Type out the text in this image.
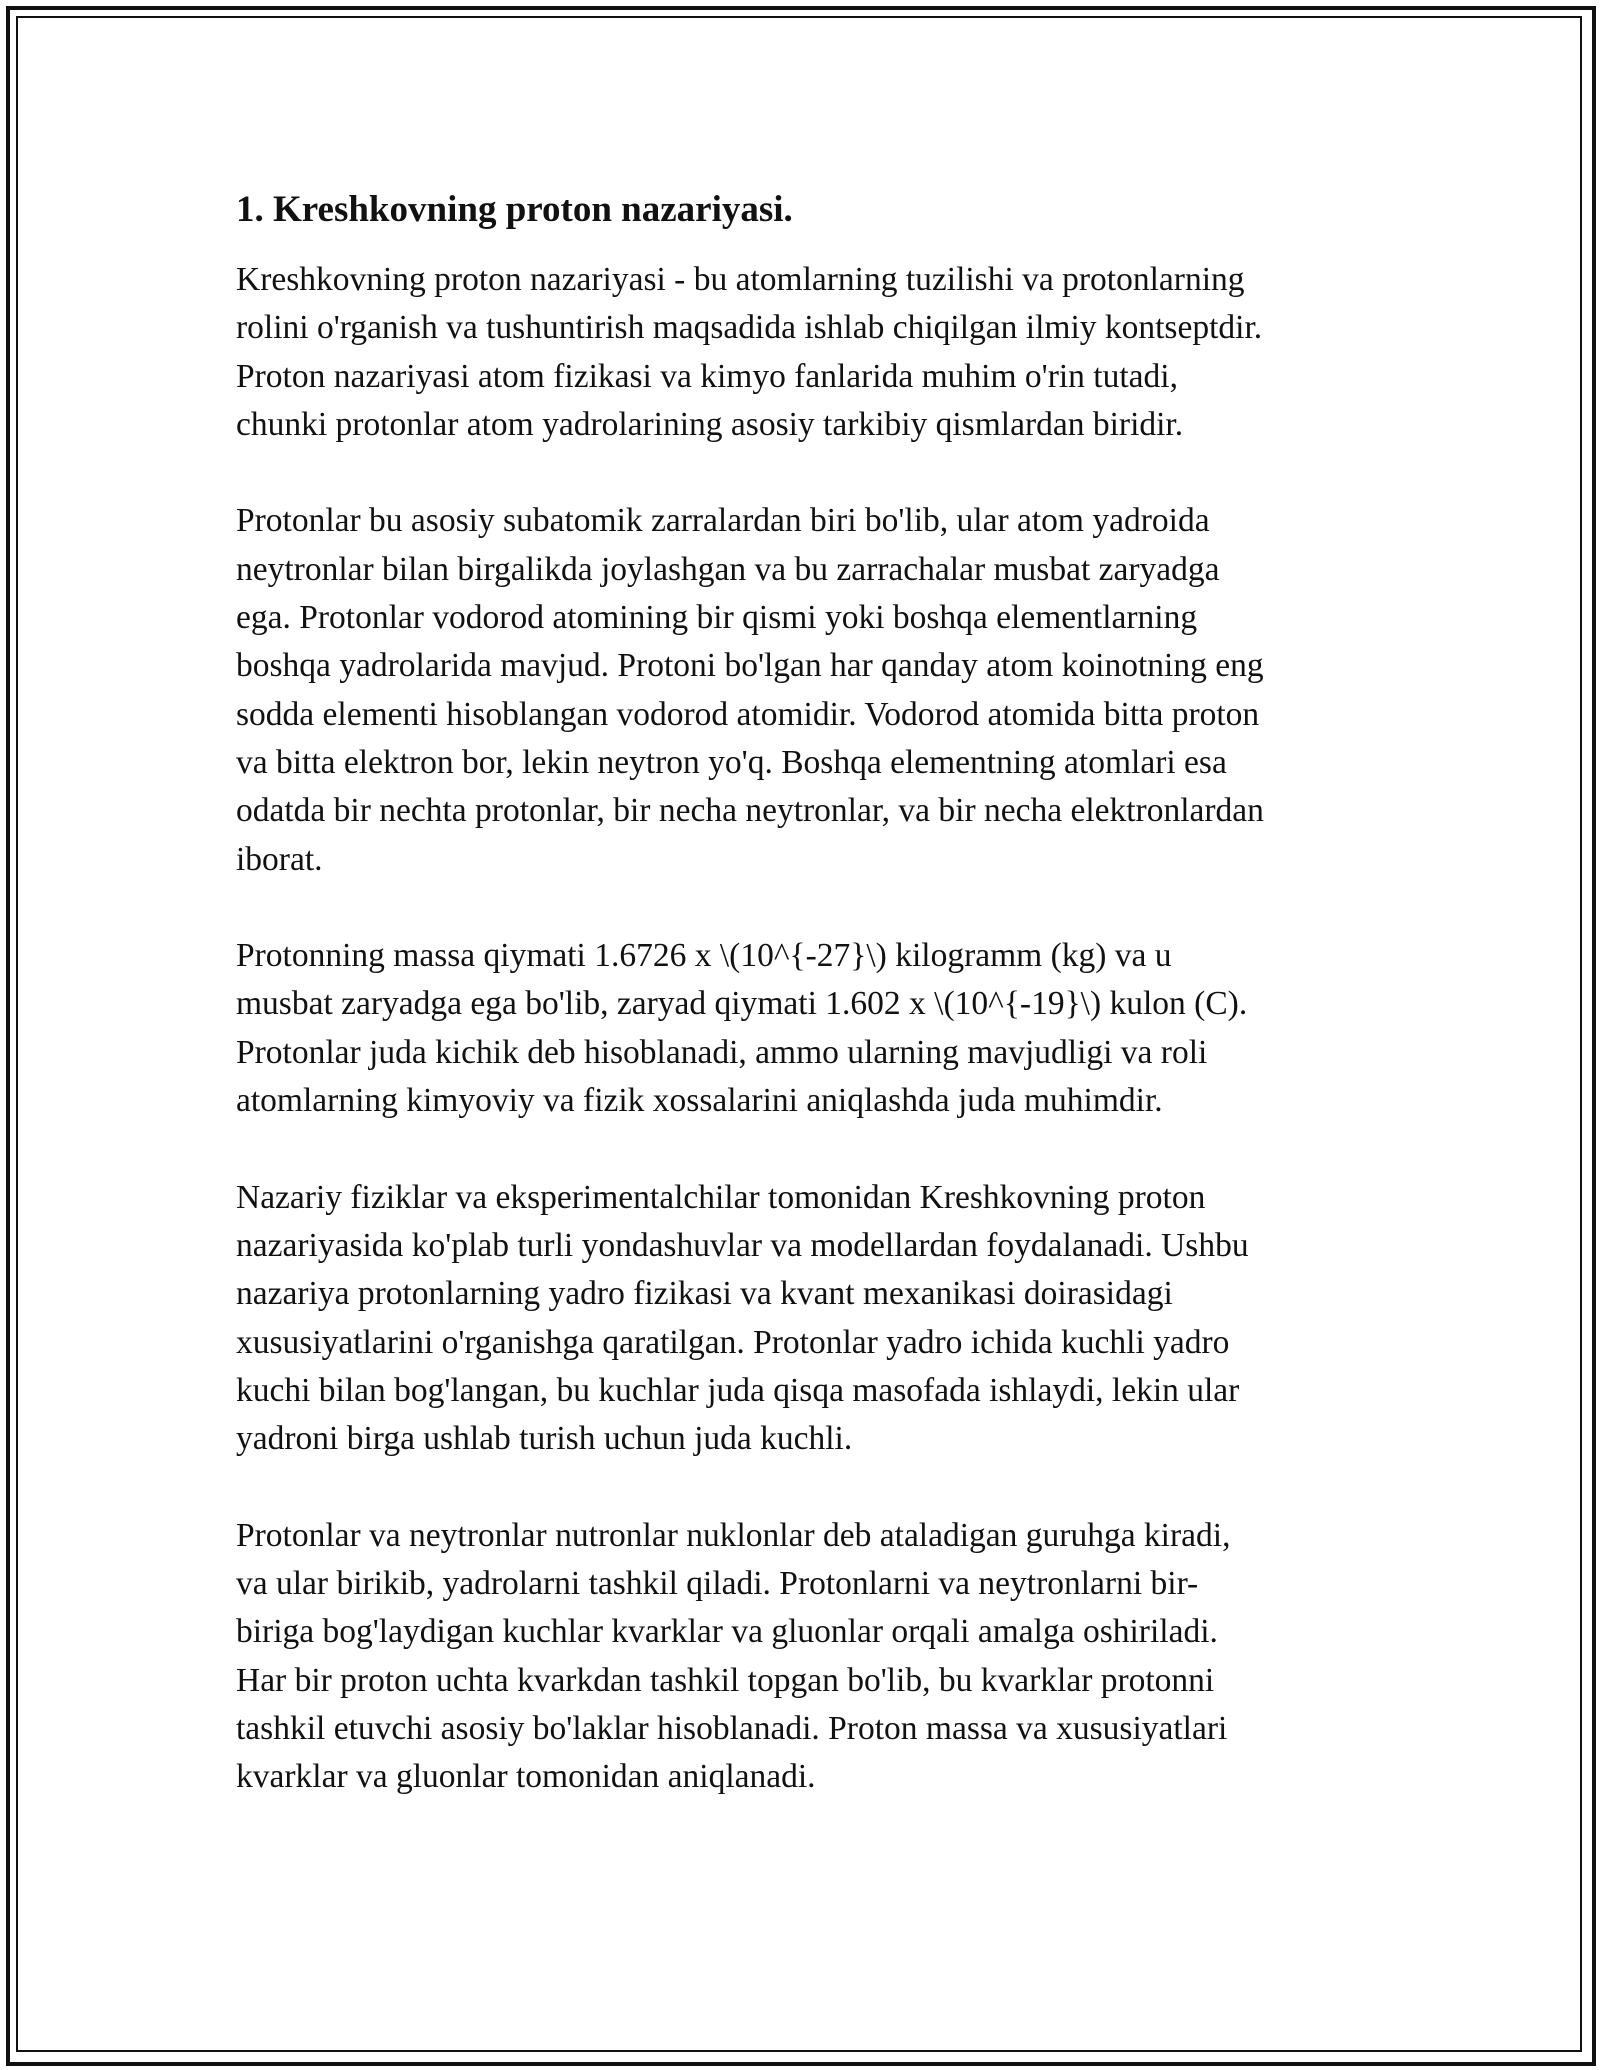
1. Kreshkovning proton nazariyasi.

Kreshkovning proton nazariyasi - bu atomlarning tuzilishi va protonlarning
rolini o'rganish va tushuntirish maqsadida ishlab chiqilgan ilmiy kontseptdir.
Proton nazariyasi atom fizikasi va kimyo fanlarida muhim o'rin tutadi,
chunki protonlar atom yadrolarining asosiy tarkibiy qismlardan biridir.

Protonlar bu asosiy subatomik zarralardan biri bo'lib, ular atom yadroida
neytronlar bilan birgalikda joylashgan va bu zarrachalar musbat zaryadga
ega. Protonlar vodorod atomining bir qismi yoki boshqa elementlarning
boshqa yadrolarida mavjud. Protoni bo'lgan har qanday atom koinotning eng
sodda elementi hisoblangan vodorod atomidir. Vodorod atomida bitta proton
va bitta elektron bor, lekin neytron yo'q. Boshqa elementning atomlari esa
odatda bir nechta protonlar, bir necha neytronlar, va bir necha elektronlardan
iborat.

Protonning massa qiymati 1.6726 x \(10^{-27}\) kilogramm (kg) va u
musbat zaryadga ega bo'lib, zaryad qiymati 1.602 x \(10^{-19}\) kulon (C).
Protonlar juda kichik deb hisoblanadi, ammo ularning mavjudligi va roli
atomlarning kimyoviy va fizik xossalarini aniqlashda juda muhimdir.

Nazariy fiziklar va eksperimentalchilar tomonidan Kreshkovning proton
nazariyasida ko'plab turli yondashuvlar va modellardan foydalanadi. Ushbu
nazariya protonlarning yadro fizikasi va kvant mexanikasi doirasidagi
xususiyatlarini o'rganishga qaratilgan. Protonlar yadro ichida kuchli yadro
kuchi bilan bog'langan, bu kuchlar juda qisqa masofada ishlaydi, lekin ular
yadroni birga ushlab turish uchun juda kuchli.

Protonlar va neytronlar nutronlar nuklonlar deb ataladigan guruhga kiradi,
va ular birikib, yadrolarni tashkil qiladi. Protonlarni va neytronlarni bir-
biriga bog'laydigan kuchlar kvarklar va gluonlar orqali amalga oshiriladi.
Har bir proton uchta kvarkdan tashkil topgan bo'lib, bu kvarklar protonni
tashkil etuvchi asosiy bo'laklar hisoblanadi. Proton massa va xususiyatlari
kvarklar va gluonlar tomonidan aniqlanadi.
